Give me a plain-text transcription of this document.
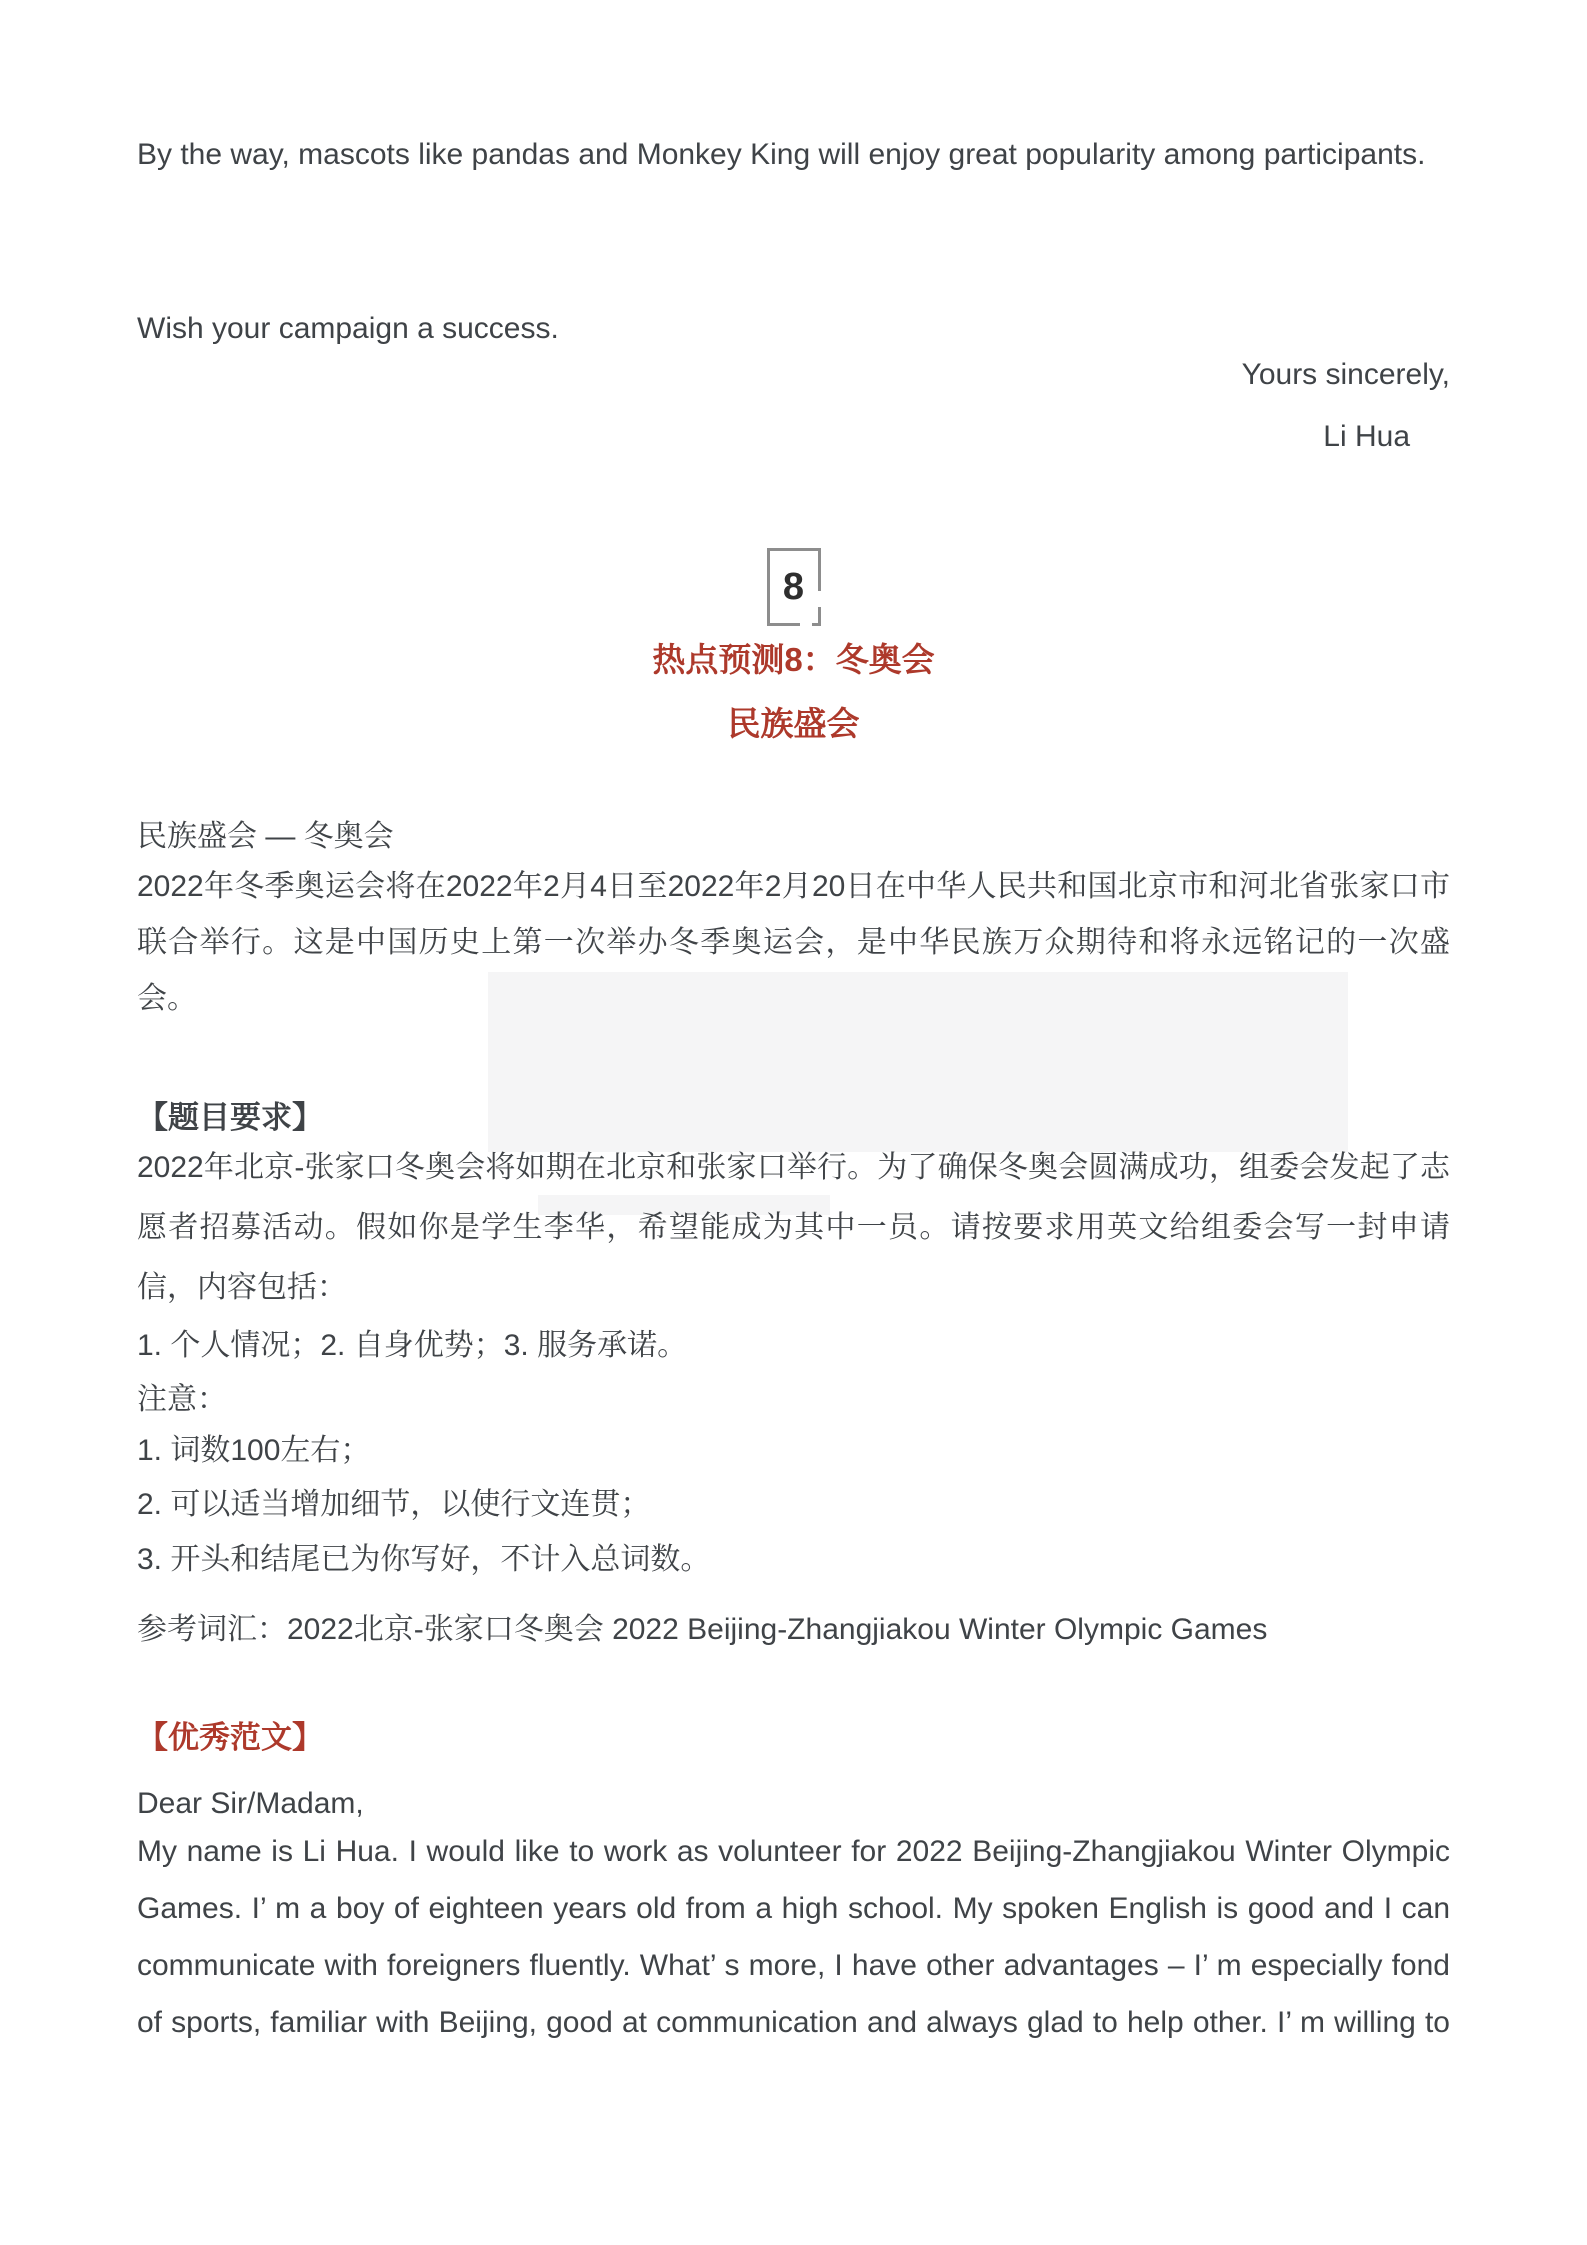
By the way, mascots like pandas and Monkey King will enjoy great popularity among participants.

Wish your campaign a success.

Yours sincerely,

Li Hua

8

热点预测8：冬奥会

民族盛会

民族盛会 — 冬奥会

2022年冬季奥运会将在2022年2月4日至2022年2月20日在中华人民共和国北京市和河北省张家口市联合举行。这是中国历史上第一次举办冬季奥运会，是中华民族万众期待和将永远铭记的一次盛会。

【题目要求】

2022年北京-张家口冬奥会将如期在北京和张家口举行。为了确保冬奥会圆满成功，组委会发起了志愿者招募活动。假如你是学生李华，希望能成为其中一员。请按要求用英文给组委会写一封申请信，内容包括：

1. 个人情况；2. 自身优势；3. 服务承诺。

注意：

1. 词数100左右；

2. 可以适当增加细节，以使行文连贯；

3. 开头和结尾已为你写好，不计入总词数。

参考词汇：2022北京-张家口冬奥会 2022 Beijing-Zhangjiakou Winter Olympic Games

【优秀范文】

Dear Sir/Madam,

My name is Li Hua. I would like to work as volunteer for 2022 Beijing-Zhangjiakou Winter Olympic Games. I’ m a boy of eighteen years old from a high school. My spoken English is good and I can communicate with foreigners fluently. What’ s more, I have other advantages – I’ m especially fond of sports, familiar with Beijing, good at communication and always glad to help other. I’ m willing to
